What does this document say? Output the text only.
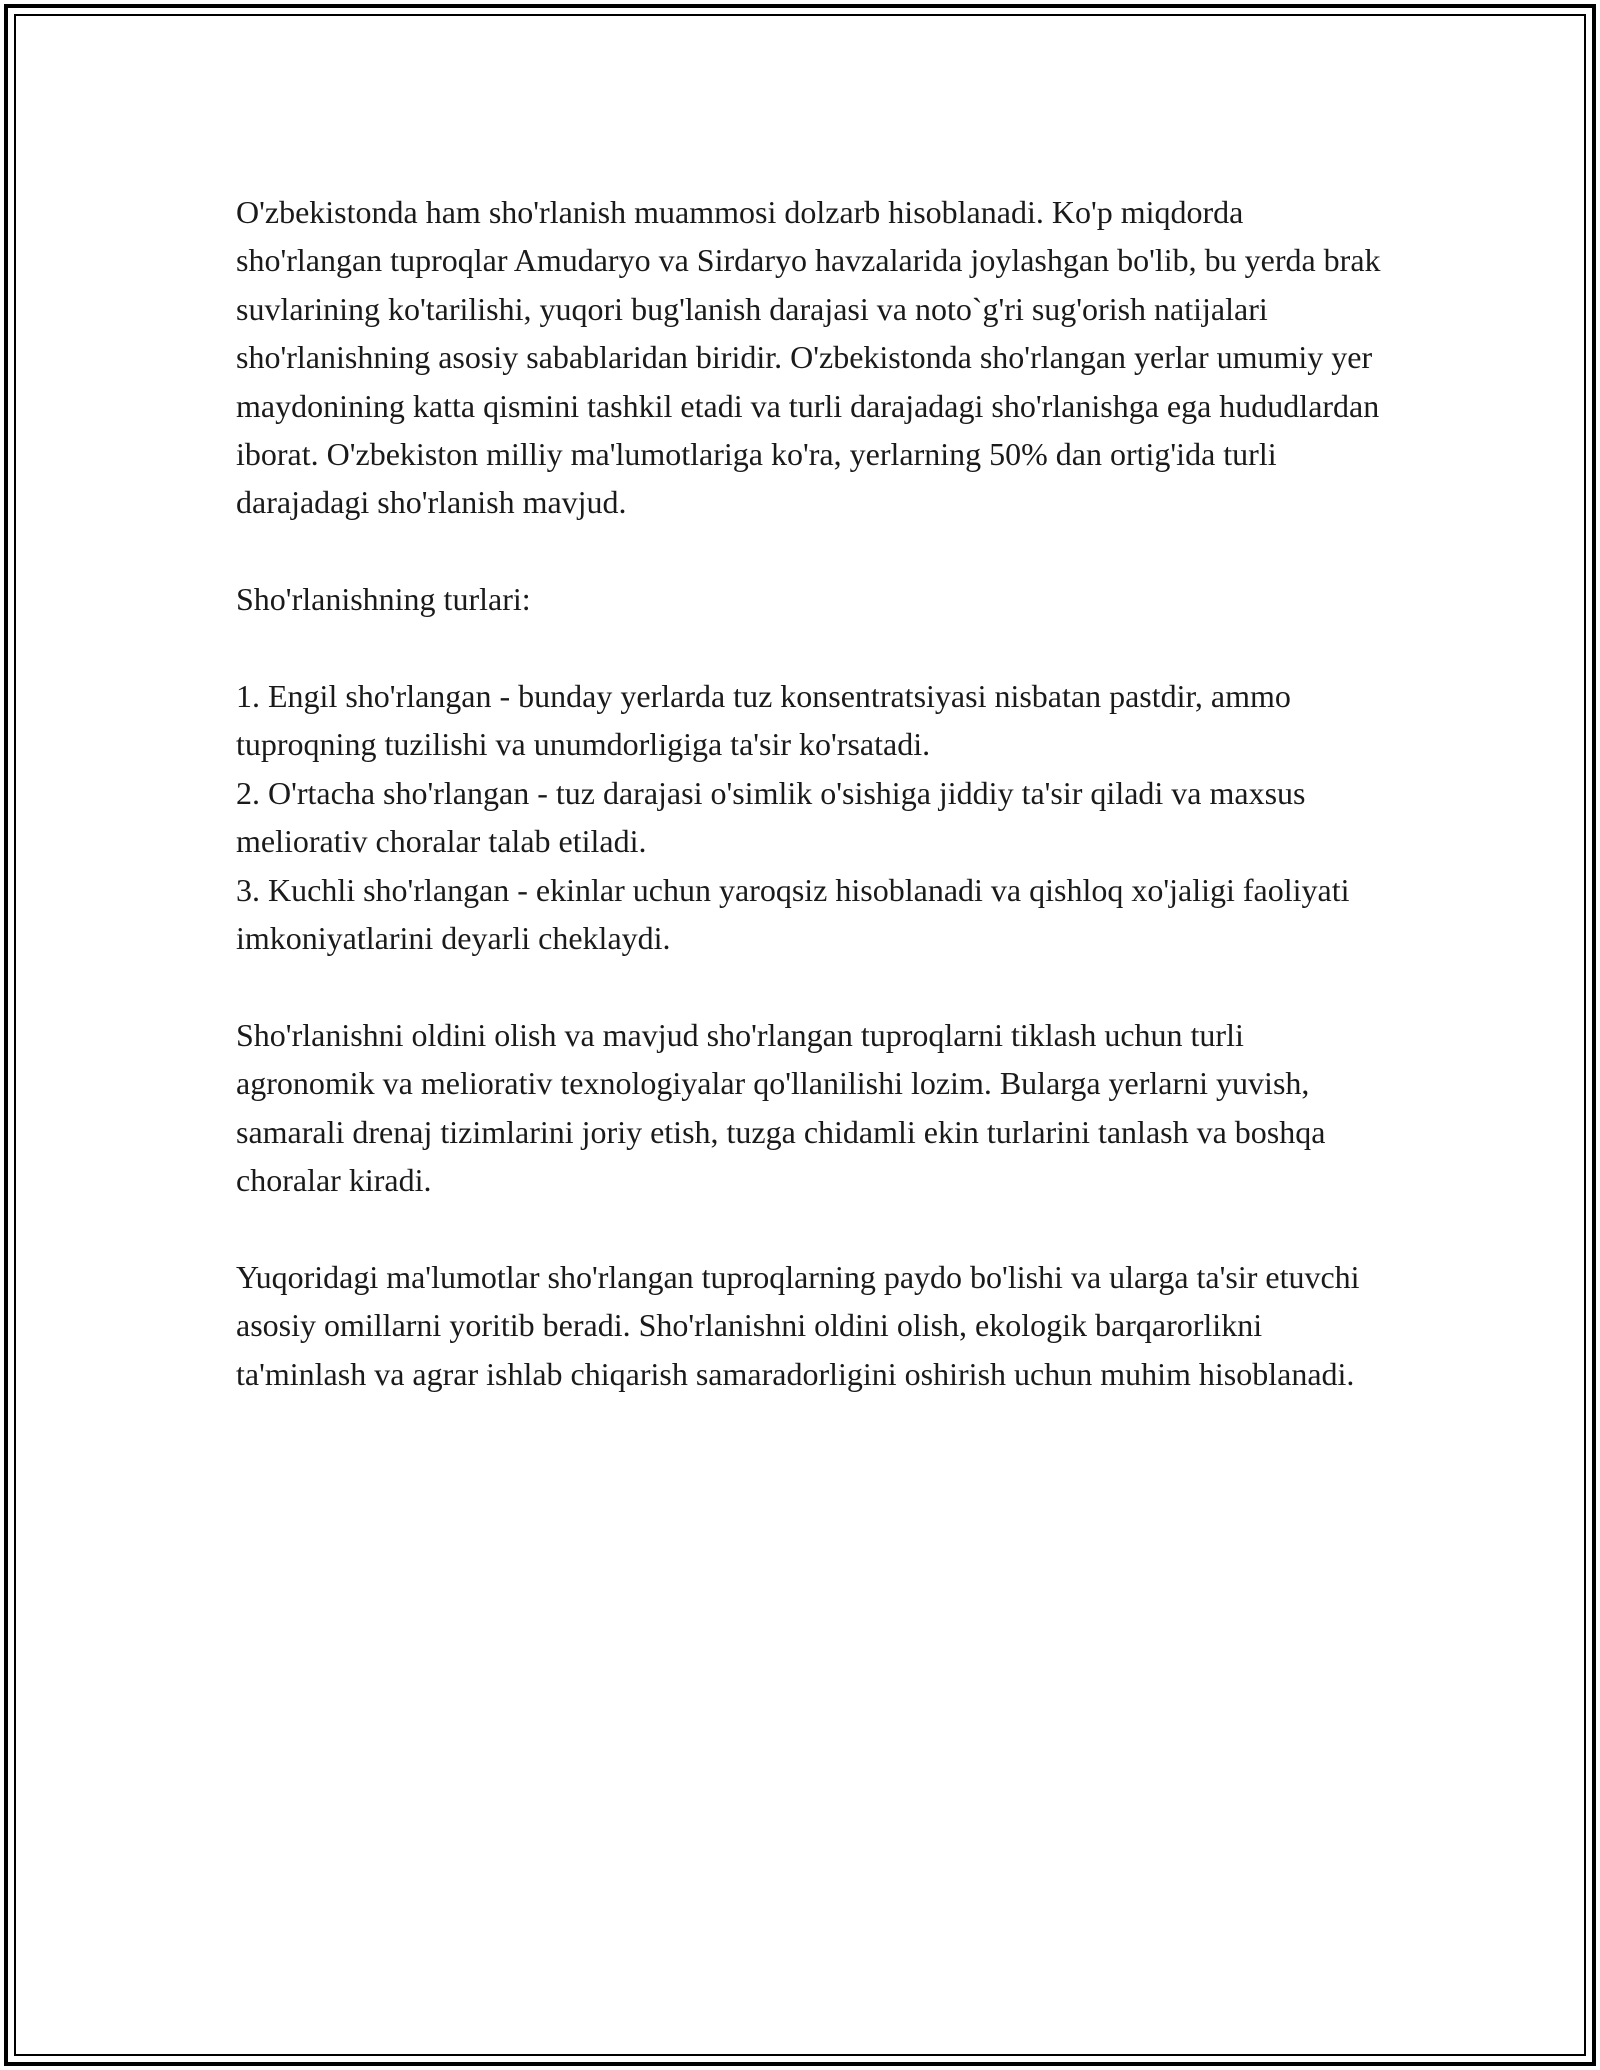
O'zbekistonda ham sho'rlanish muammosi dolzarb hisoblanadi. Ko'p miqdorda sho'rlangan tuproqlar Amudaryo va Sirdaryo havzalarida joylashgan bo'lib, bu yerda brak suvlarining ko'tarilishi, yuqori bug'lanish darajasi va noto`g'ri sug'orish natijalari sho'rlanishning asosiy sabablaridan biridir. O'zbekistonda sho'rlangan yerlar umumiy yer maydonining katta qismini tashkil etadi va turli darajadagi sho'rlanishga ega hududlardan iborat. O'zbekiston milliy ma'lumotlariga ko'ra, yerlarning 50% dan ortig'ida turli darajadagi sho'rlanish mavjud.

Sho'rlanishning turlari:

1. Engil sho'rlangan - bunday yerlarda tuz konsentratsiyasi nisbatan pastdir, ammo tuproqning tuzilishi va unumdorligiga ta'sir ko'rsatadi.

2. O'rtacha sho'rlangan - tuz darajasi o'simlik o'sishiga jiddiy ta'sir qiladi va maxsus meliorativ choralar talab etiladi.

3. Kuchli sho'rlangan - ekinlar uchun yaroqsiz hisoblanadi va qishloq xo'jaligi faoliyati imkoniyatlarini deyarli cheklaydi.

Sho'rlanishni oldini olish va mavjud sho'rlangan tuproqlarni tiklash uchun turli agronomik va meliorativ texnologiyalar qo'llanilishi lozim. Bularga yerlarni yuvish, samarali drenaj tizimlarini joriy etish, tuzga chidamli ekin turlarini tanlash va boshqa choralar kiradi.

Yuqoridagi ma'lumotlar sho'rlangan tuproqlarning paydo bo'lishi va ularga ta'sir etuvchi asosiy omillarni yoritib beradi. Sho'rlanishni oldini olish, ekologik barqarorlikni ta'minlash va agrar ishlab chiqarish samaradorligini oshirish uchun muhim hisoblanadi.
